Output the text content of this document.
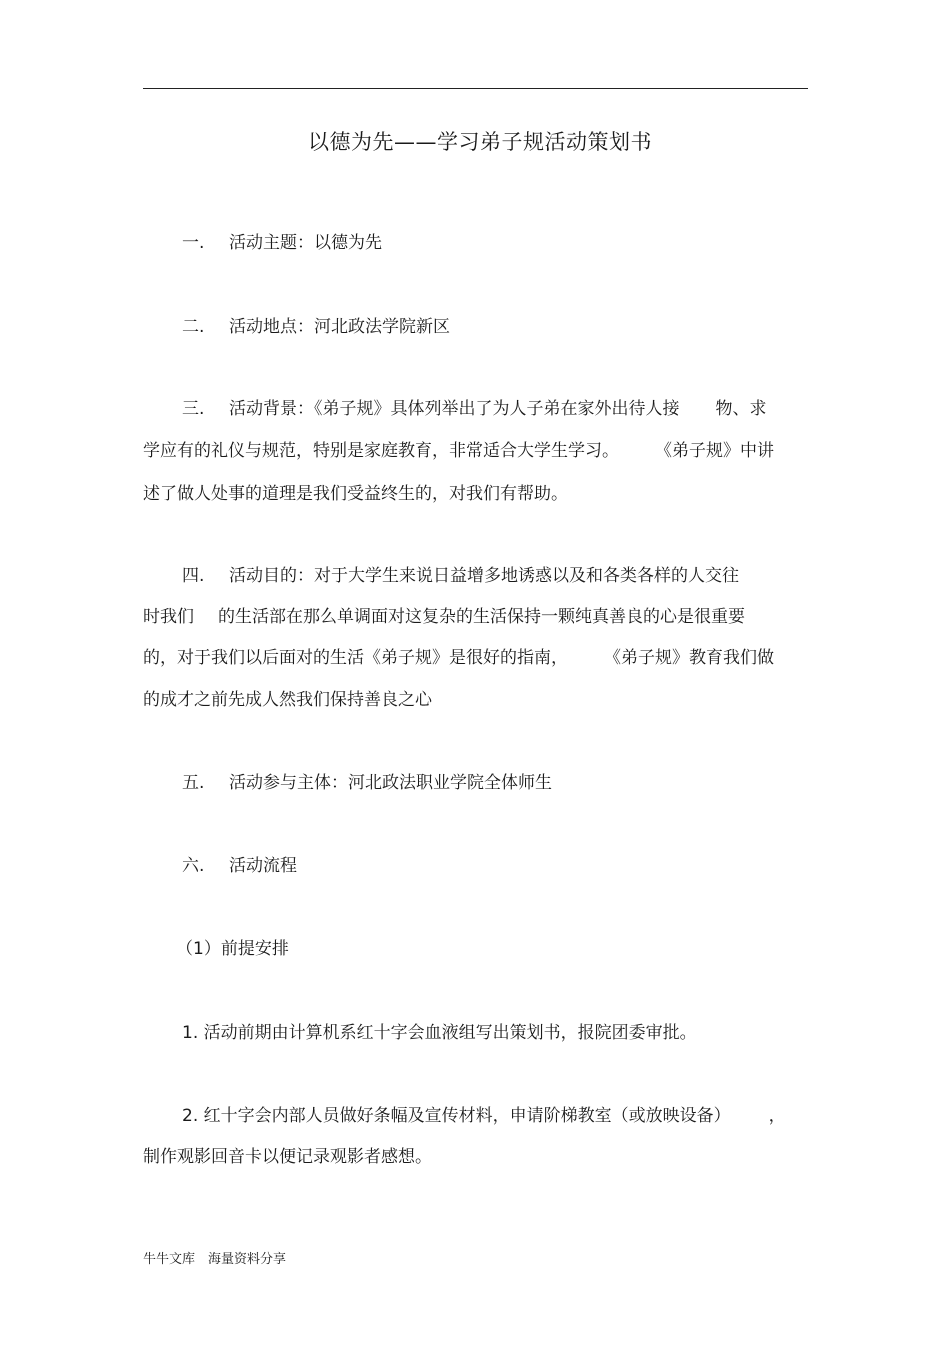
以德为先——学习弟子规活动策划书
一. 活动主题：以德为先
二. 活动地点：河北政法学院新区
三. 活动背景：《弟子规》具体列举出了为人子弟在家外出待人接 物、求
学应有的礼仪与规范，特别是家庭教育，非常适合大学生学习。 《弟子规》中讲
述了做人处事的道理是我们受益终生的，对我们有帮助。
四. 活动目的：对于大学生来说日益增多地诱惑以及和各类各样的人交往
时我们 的生活部在那么单调面对这复杂的生活保持一颗纯真善良的心是很重要
的，对于我们以后面对的生活《弟子规》是很好的指南， 《弟子规》教育我们做
的成才之前先成人然我们保持善良之心
五. 活动参与主体：河北政法职业学院全体师生
六. 活动流程
（1）前提安排
1. 活动前期由计算机系红十字会血液组写出策划书，报院团委审批。
2. 红十字会内部人员做好条幅及宣传材料，申请阶梯教室（或放映设备） ，
制作观影回音卡以便记录观影者感想。
牛牛文库　海量资料分享
